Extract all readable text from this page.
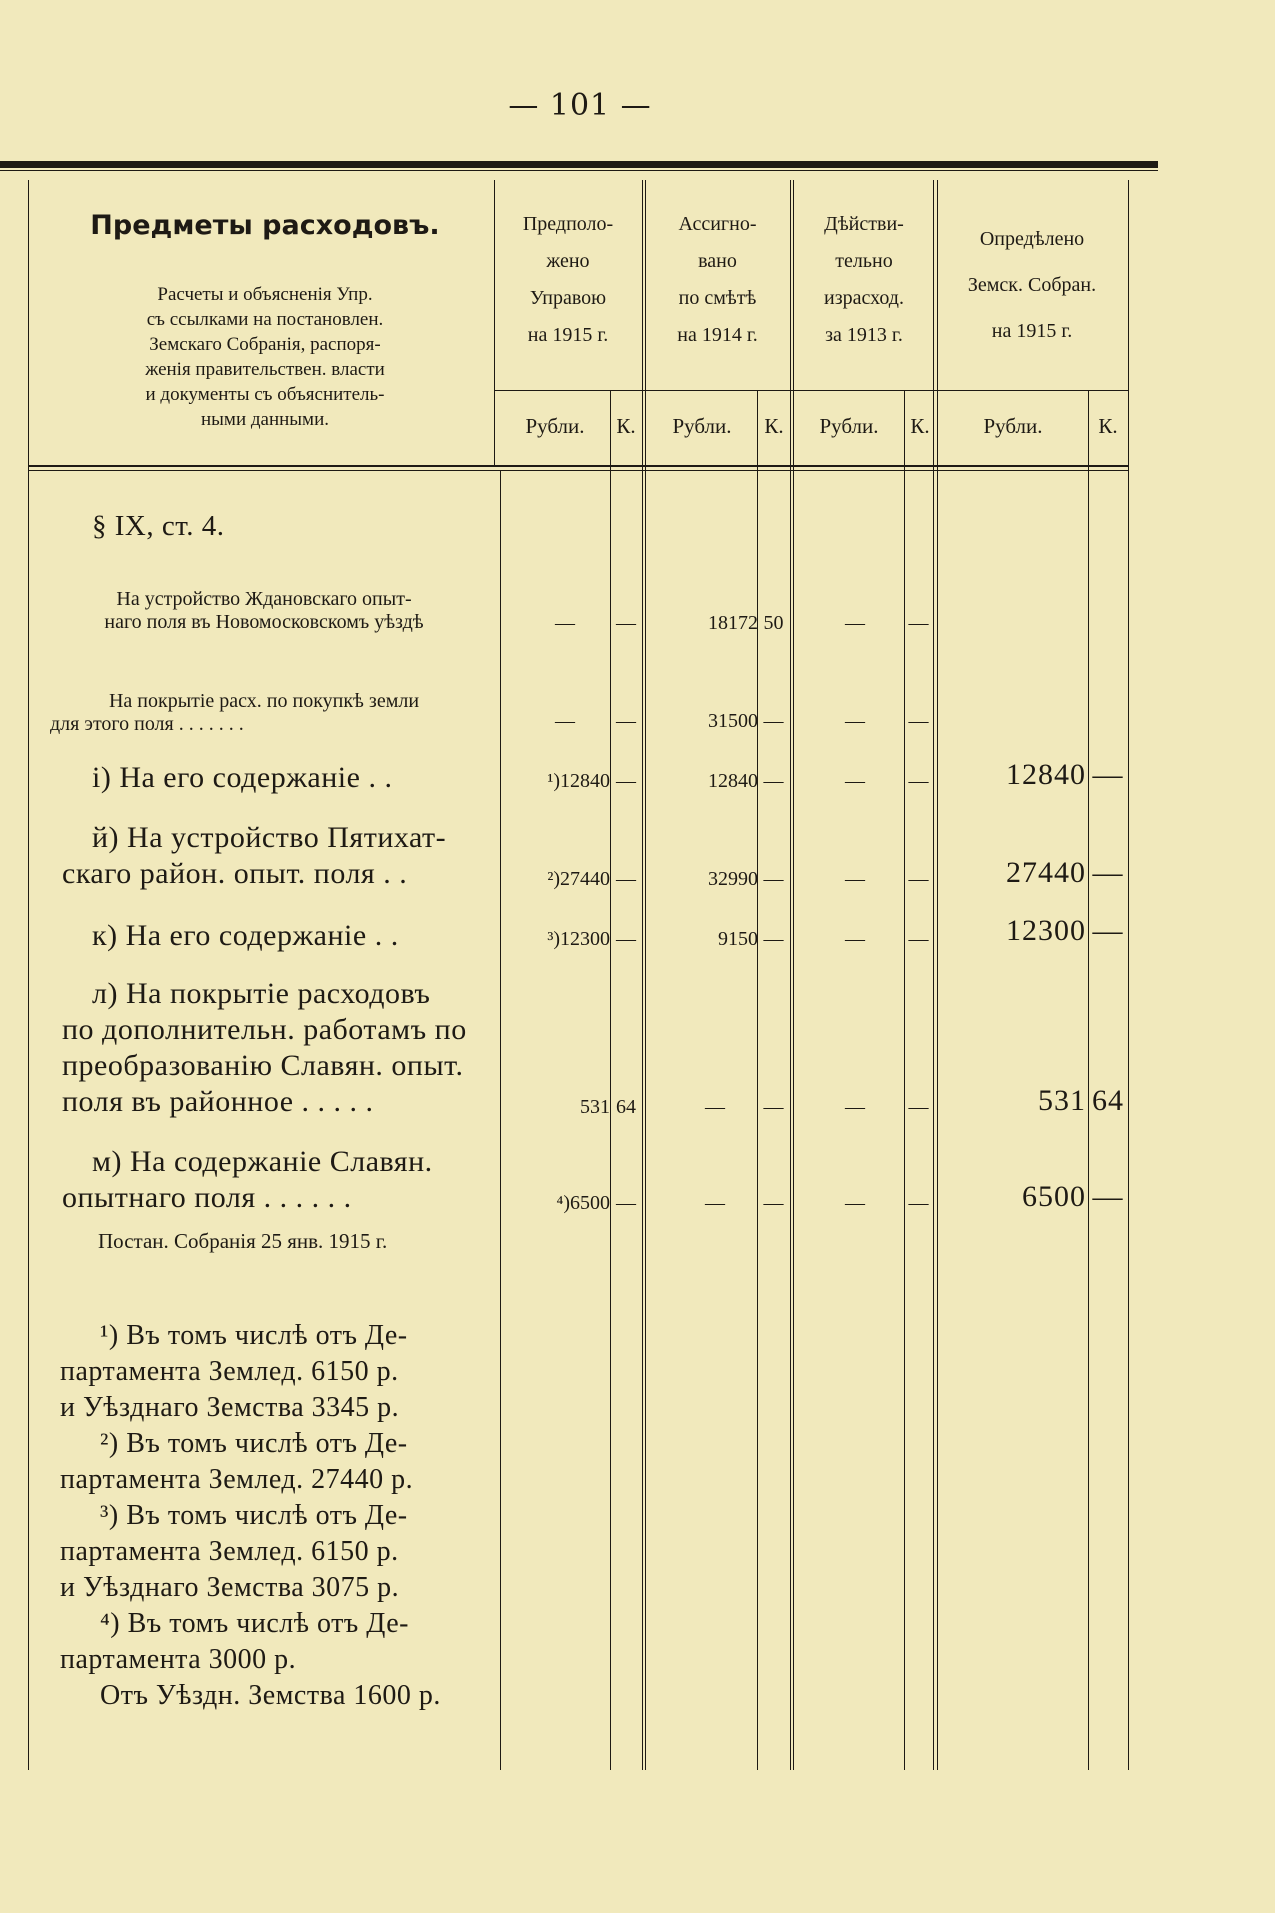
— 101 —
Предметы расходовъ.
Расчеты и объясненія Упр.
съ ссылками на постановлен.
Земскаго Собранія, распоря-
женія правительствен. власти
и документы съ объяснитель-
ными данными.
Предполо-
жено
Управою
на 1915 г.
Ассигно-
вано
по смѣтѣ
на 1914 г.
Дѣйстви-
тельно
израсход.
за 1913 г.
Опредѣлено
Земск. Собран.
на 1915 г.
Рубли.	К.	Рубли.	К.	Рубли.	К.	Рубли.	К.
§ IX, ст. 4.
На устройство Ждановскаго опыт-
наго поля въ Новомосковскомъ уѣздѣ	—	—	18172 50	—	—
На покрытіе расх. по покупкѣ земли
для этого поля . . . . . . .	—	—	31500 —	—	—
і) На его содержаніе . .	¹)12840 —	12840 —	—	—	12840 —
й) На устройство Пятихат-
скаго район. опыт. поля . .	²)27440 —	32990 —	—	—	27440 —
к) На его содержаніе . .	³)12300 —	9150 —	—	—	12300 —
л) На покрытіе расходовъ
по дополнительн. работамъ по
преобразованію Славян. опыт.
поля въ районное . . . . .	531 64	—	—	—	—	531 64
м) На содержаніе Славян.
опытнаго поля . . . . . .	⁴)6500 —	—	—	—	—	6500 —
Постан. Собранія 25 янв. 1915 г.
¹) Въ томъ числѣ отъ Де-
партамента Землед. 6150 р.
и Уѣзднаго Земства 3345 р.
²) Въ томъ числѣ отъ Де-
партамента Землед. 27440 р.
³) Въ томъ числѣ отъ Де-
партамента Землед. 6150 р.
и Уѣзднаго Земства 3075 р.
⁴) Въ томъ числѣ отъ Де-
партамента 3000 р.
Отъ Уѣздн. Земства 1600 р.
